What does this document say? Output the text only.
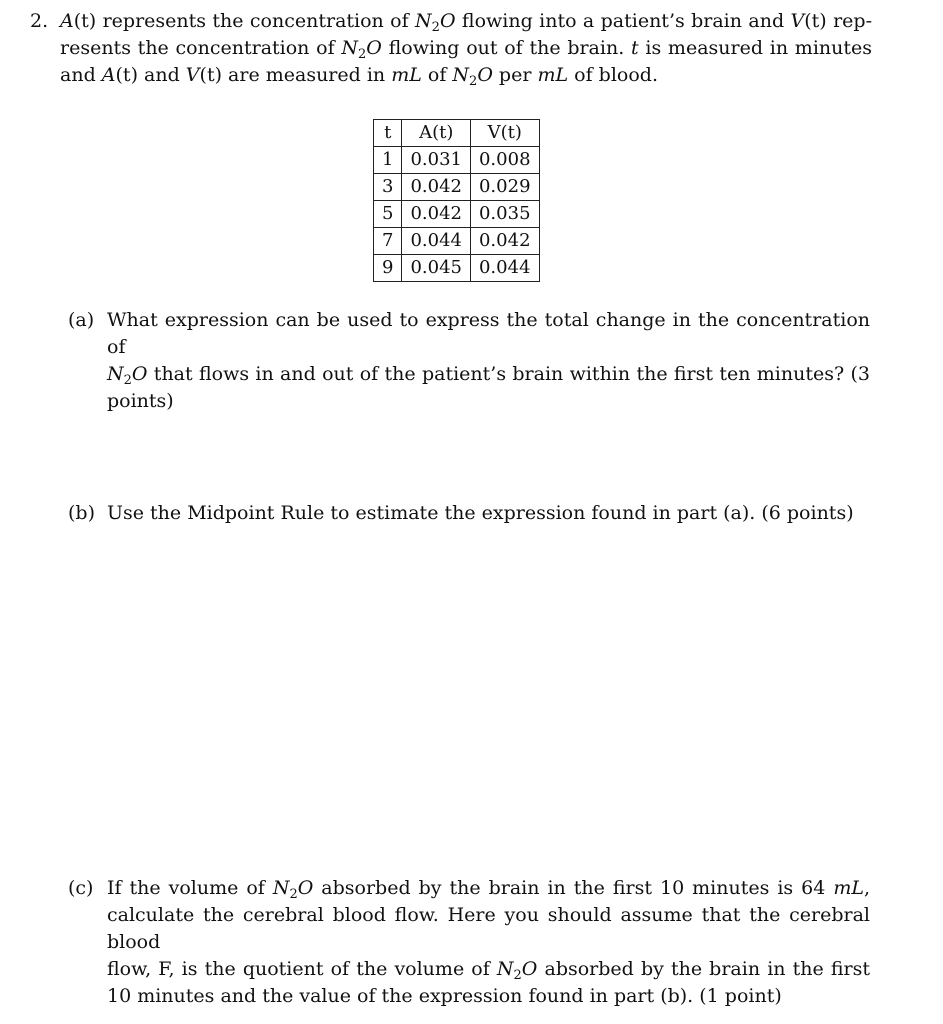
2. A(t) represents the concentration of $N_2O$ flowing into a patient’s brain and V(t) rep-
resents the concentration of $N_2O$ flowing out of the brain. t is measured in minutes
and A(t) and V(t) are measured in mL of $N_2O$ per mL of blood.
t	A(t)	V(t)
1	0.031	0.008
3	0.042	0.029
5	0.042	0.035
7	0.044	0.042
9	0.045	0.044
(a) What expression can be used to express the total change in the concentration of
$N_2O$ that flows in and out of the patient’s brain within the first ten minutes? (3
points)
(b) Use the Midpoint Rule to estimate the expression found in part (a). (6 points)
(c) If the volume of $N_2O$ absorbed by the brain in the first 10 minutes is 64 mL,
calculate the cerebral blood flow. Here you should assume that the cerebral blood
flow, F, is the quotient of the volume of $N_2O$ absorbed by the brain in the first
10 minutes and the value of the expression found in part (b). (1 point)
